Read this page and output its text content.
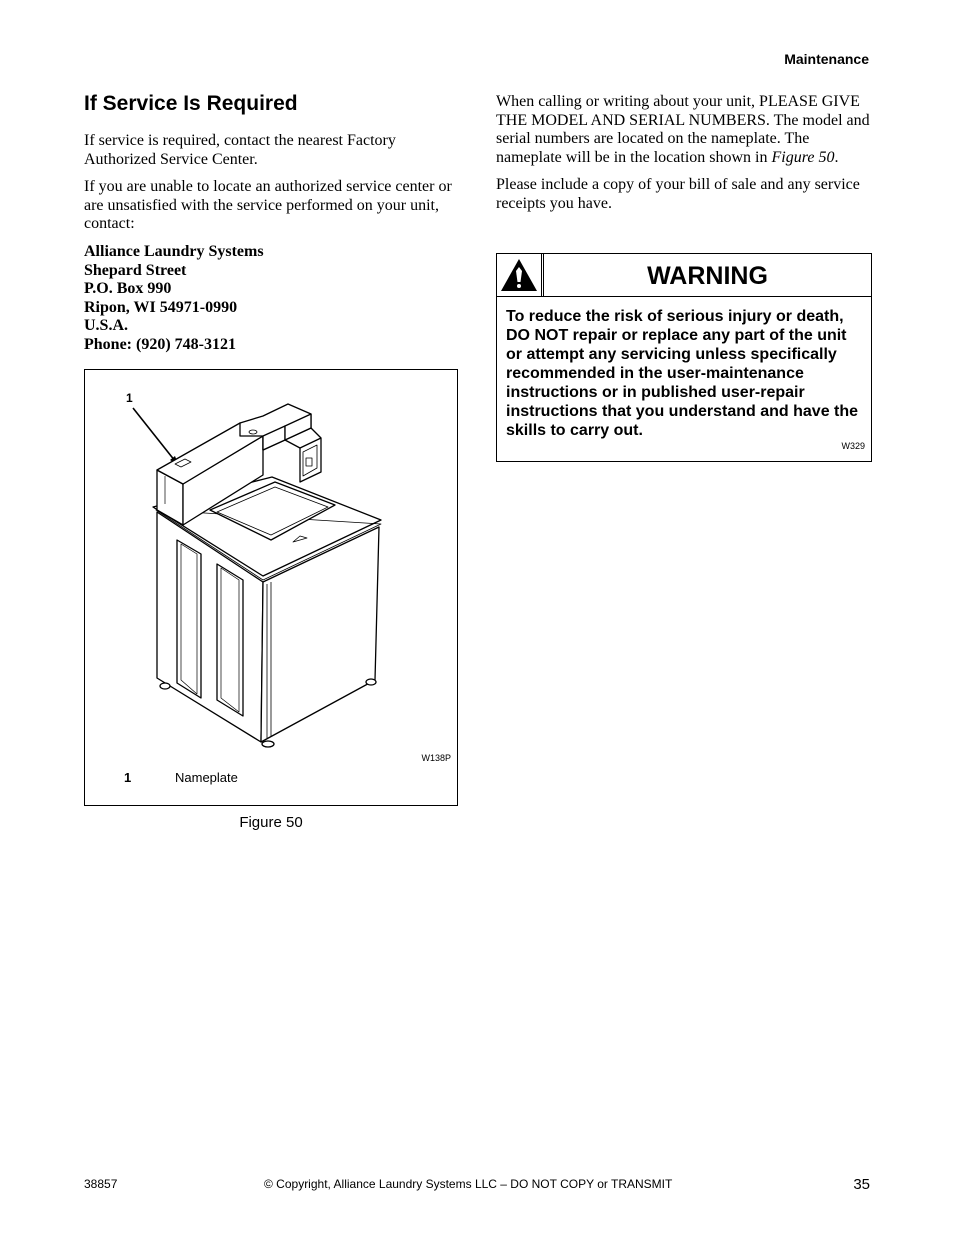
Maintenance
If Service Is Required

If service is required, contact the nearest Factory Authorized Service Center.

If you are unable to locate an authorized service center or are unsatisfied with the service performed on your unit, contact:

Alliance Laundry Systems
Shepard Street
P.O. Box 990
Ripon, WI 54971-0990
U.S.A.
Phone: (920) 748-3121
1
W138P
1	Nameplate
Figure 50

When calling or writing about your unit, PLEASE GIVE THE MODEL AND SERIAL NUMBERS. The model and serial numbers are located on the nameplate. The nameplate will be in the location shown in Figure 50.

Please include a copy of your bill of sale and any service receipts you have.

WARNING
To reduce the risk of serious injury or death, DO NOT repair or replace any part of the unit or attempt any servicing unless specifically recommended in the user-maintenance instructions or in published user-repair instructions that you understand and have the skills to carry out.
W329
38857	© Copyright, Alliance Laundry Systems LLC – DO NOT COPY or TRANSMIT	35
